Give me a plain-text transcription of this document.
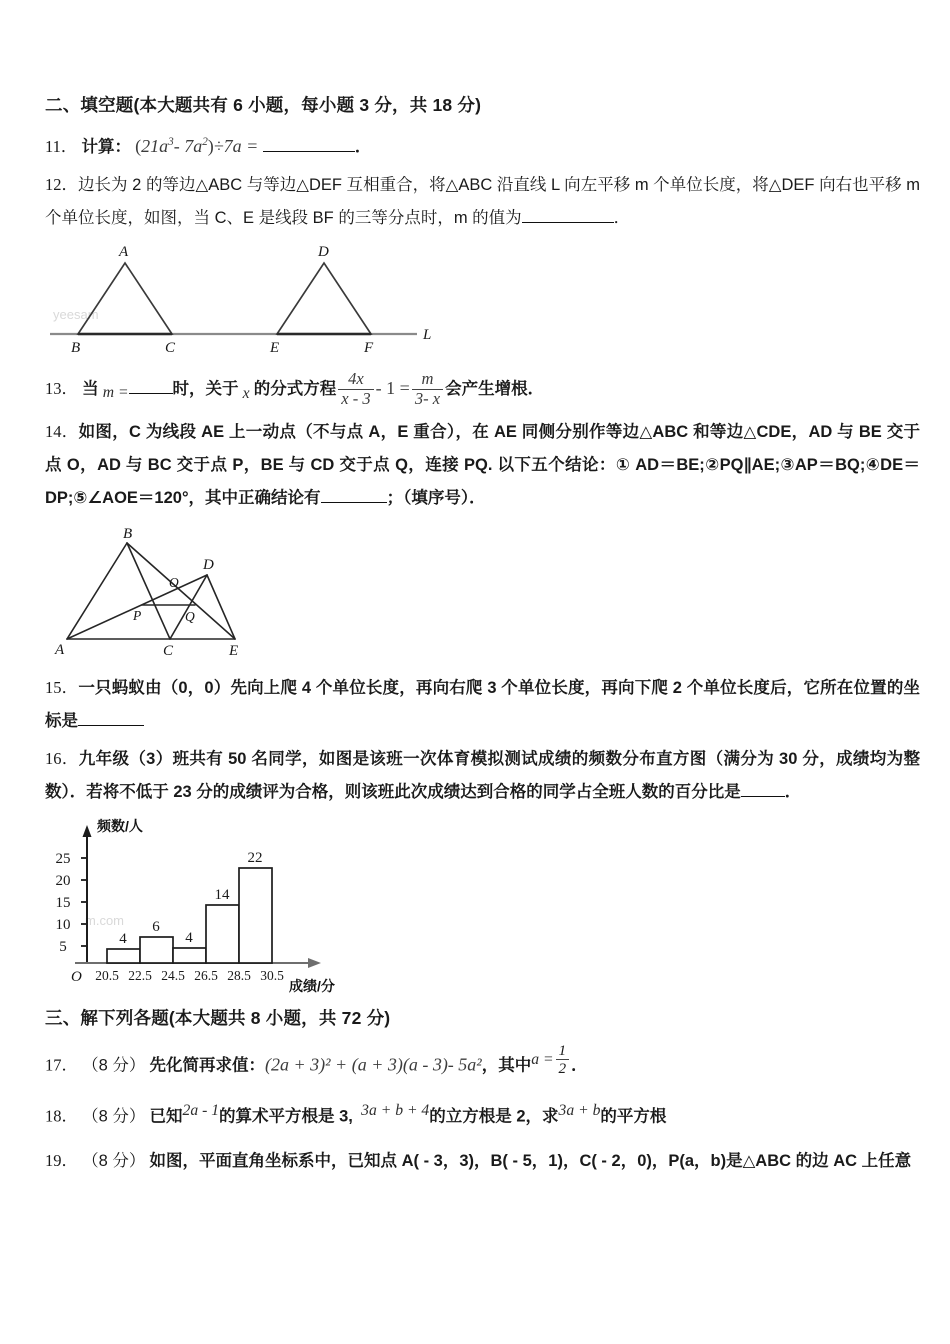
二、填空题(本大题共有 6 小题，每小题 3 分，共 18 分)
11． 计算： ($21a^3-$ $7a^2)\div 7a$ =	．
12．边长为 2 的等边△ABC 与等边△DEF 互相重合，将△ABC 沿直线 L 向左平移 m 个单位长度，将△DEF 向右也平移 m 个单位长度，如图，当 C、E 是线段 BF 的三等分点时，m 的值为	．
yeesam
L
A
B	C
D
E	F
13． 当 m =	时，关于 x 的分式方程 $\frac{4x}{x - 3} - 1 = \frac{m}{3- x}$ 会产生增根．
14．如图，C 为线段 AE 上一动点（不与点 A，E 重合），在 AE 同侧分别作等边△ABC 和等边△CDE，AD 与 BE 交于点 O，AD 与 BC 交于点 P，BE 与 CD 交于点 Q，连接 PQ. 以下五个结论：① AD＝BE;②PQ∥AE;③AP＝BQ;④DE＝DP;⑤∠AOE＝120°，其中正确结论有	；（填序号）．
B
D
O
P	Q
A	C	E
15．一只蚂蚁由（0，0）先向上爬 4 个单位长度，再向右爬 3 个单位长度，再向下爬 2 个单位长度后，它所在位置的坐标是
16．九年级（3）班共有 50 名同学，如图是该班一次体育模拟测试成绩的频数分布直方图（满分为 30 分，成绩均为整数）．若将不低于 23 分的成绩评为合格，则该班此次成绩达到合格的同学占全班人数的百分比是	．
m.com
5
10
15
20
25
O
频数/人
4
6
4
14
22
20.5 22.5 24.5 26.5 28.5 30.5
成绩/分
三、解下列各题(本大题共 8 小题，共 72 分)
17． （8 分） 先化简再求值：(2a + 3)² + (a + 3)(a - 3)- 5a²，其中$a = \frac{1}{2}$ ．
18． （8 分） 已知2a - 1的算术平方根是 3, 3a + b + 4的立方根是 2，求3a + b的平方根
19． （8 分） 如图，平面直角坐标系中，已知点 A( - 3，3)，B( - 5，1)，C( - 2，0)，P(a，b)是△ABC 的边 AC 上任意
